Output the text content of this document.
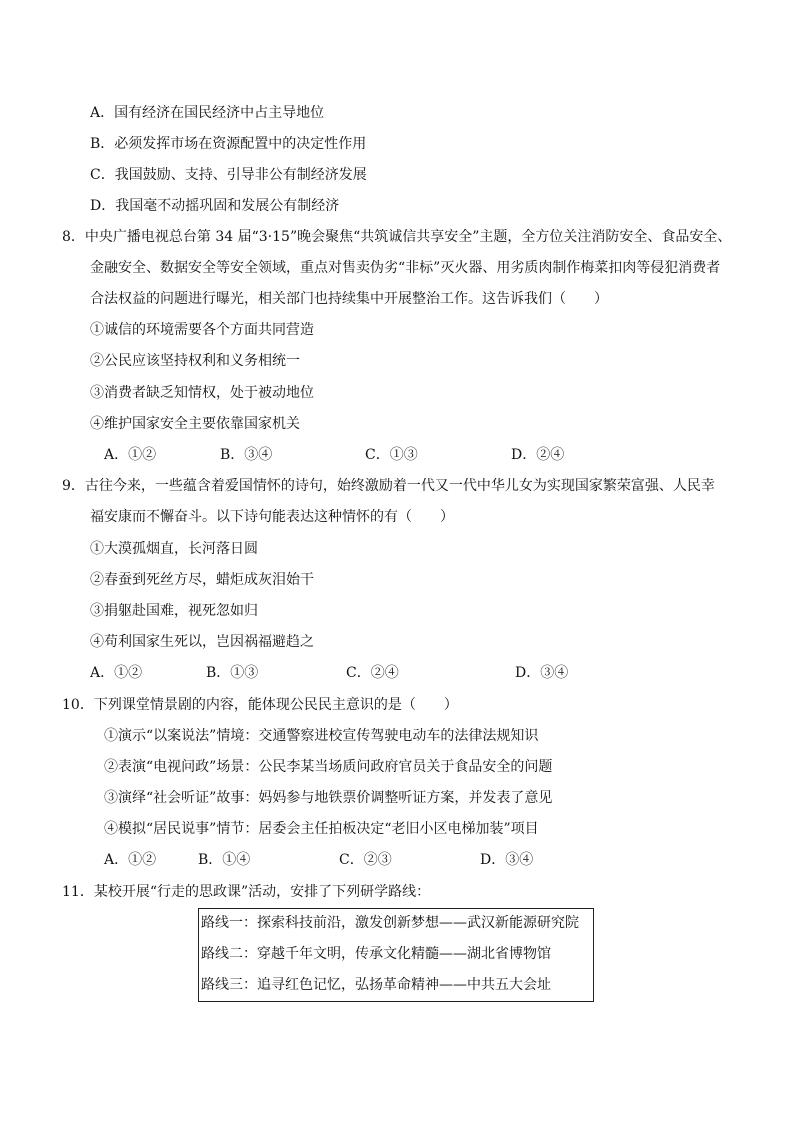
A．国有经济在国民经济中占主导地位
B．必须发挥市场在资源配置中的决定性作用
C．我国鼓励、支持、引导非公有制经济发展
D．我国毫不动摇巩固和发展公有制经济
8．中央广播电视总台第 34 届“3·15”晚会聚焦“共筑诚信共享安全”主题，全方位关注消防安全、食品安全、
金融安全、数据安全等安全领域，重点对售卖伪劣“非标”灭火器、用劣质肉制作梅菜扣肉等侵犯消费者
合法权益的问题进行曝光，相关部门也持续集中开展整治工作。这告诉我们（　　）
①诚信的环境需要各个方面共同营造
②公民应该坚持权利和义务相统一
③消费者缺乏知情权，处于被动地位
④维护国家安全主要依靠国家机关
A．①②	B．③④	C．①③	D．②④
9．古往今来，一些蕴含着爱国情怀的诗句，始终激励着一代又一代中华儿女为实现国家繁荣富强、人民幸
福安康而不懈奋斗。以下诗句能表达这种情怀的有（　　）
①大漠孤烟直，长河落日圆
②春蚕到死丝方尽，蜡炬成灰泪始干
③捐躯赴国难，视死忽如归
④苟利国家生死以，岂因祸福避趋之
A．①②	B．①③	C．②④	D．③④
10．下列课堂情景剧的内容，能体现公民民主意识的是（　　）
①演示“以案说法”情境：交通警察进校宣传驾驶电动车的法律法规知识
②表演“电视问政”场景：公民李某当场质问政府官员关于食品安全的问题
③演绎“社会听证”故事：妈妈参与地铁票价调整听证方案，并发表了意见
④模拟“居民说事”情节：居委会主任拍板决定“老旧小区电梯加装”项目
A．①②	B．①④	C．②③	D．③④
11．某校开展“行走的思政课”活动，安排了下列研学路线：
路线一：探索科技前沿，激发创新梦想——武汉新能源研究院
路线二：穿越千年文明，传承文化精髓——湖北省博物馆
路线三：追寻红色记忆，弘扬革命精神——中共五大会址
